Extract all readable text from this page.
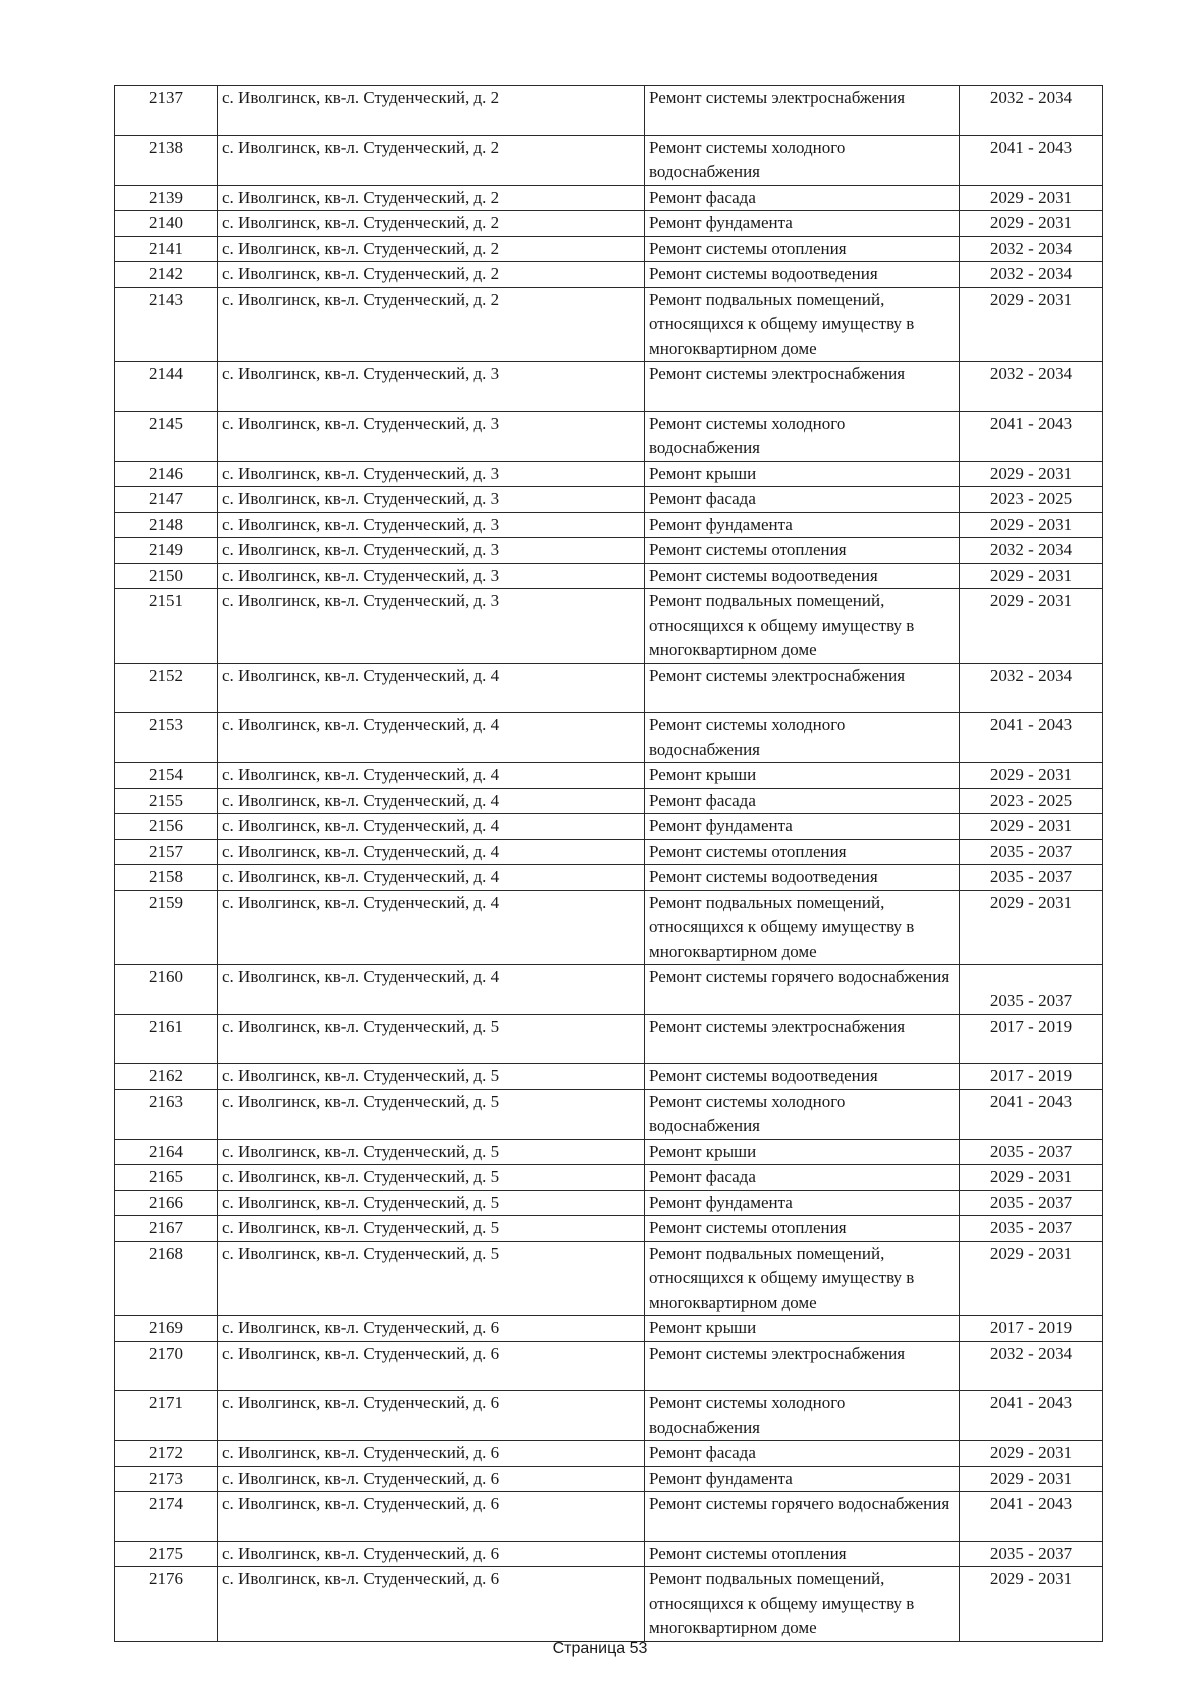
2137	с. Иволгинск, кв-л. Студенческий, д. 2	Ремонт системы электроснабжения	2032 - 2034
2138	с. Иволгинск, кв-л. Студенческий, д. 2	Ремонт системы холодного водоснабжения	2041 - 2043
2139	с. Иволгинск, кв-л. Студенческий, д. 2	Ремонт фасада	2029 - 2031
2140	с. Иволгинск, кв-л. Студенческий, д. 2	Ремонт фундамента	2029 - 2031
2141	с. Иволгинск, кв-л. Студенческий, д. 2	Ремонт системы отопления	2032 - 2034
2142	с. Иволгинск, кв-л. Студенческий, д. 2	Ремонт системы водоотведения	2032 - 2034
2143	с. Иволгинск, кв-л. Студенческий, д. 2	Ремонт подвальных помещений, относящихся к общему имуществу в многоквартирном доме	2029 - 2031
2144	с. Иволгинск, кв-л. Студенческий, д. 3	Ремонт системы электроснабжения	2032 - 2034
2145	с. Иволгинск, кв-л. Студенческий, д. 3	Ремонт системы холодного водоснабжения	2041 - 2043
2146	с. Иволгинск, кв-л. Студенческий, д. 3	Ремонт крыши	2029 - 2031
2147	с. Иволгинск, кв-л. Студенческий, д. 3	Ремонт фасада	2023 - 2025
2148	с. Иволгинск, кв-л. Студенческий, д. 3	Ремонт фундамента	2029 - 2031
2149	с. Иволгинск, кв-л. Студенческий, д. 3	Ремонт системы отопления	2032 - 2034
2150	с. Иволгинск, кв-л. Студенческий, д. 3	Ремонт системы водоотведения	2029 - 2031
2151	с. Иволгинск, кв-л. Студенческий, д. 3	Ремонт подвальных помещений, относящихся к общему имуществу в многоквартирном доме	2029 - 2031
2152	с. Иволгинск, кв-л. Студенческий, д. 4	Ремонт системы электроснабжения	2032 - 2034
2153	с. Иволгинск, кв-л. Студенческий, д. 4	Ремонт системы холодного водоснабжения	2041 - 2043
2154	с. Иволгинск, кв-л. Студенческий, д. 4	Ремонт крыши	2029 - 2031
2155	с. Иволгинск, кв-л. Студенческий, д. 4	Ремонт фасада	2023 - 2025
2156	с. Иволгинск, кв-л. Студенческий, д. 4	Ремонт фундамента	2029 - 2031
2157	с. Иволгинск, кв-л. Студенческий, д. 4	Ремонт системы отопления	2035 - 2037
2158	с. Иволгинск, кв-л. Студенческий, д. 4	Ремонт системы водоотведения	2035 - 2037
2159	с. Иволгинск, кв-л. Студенческий, д. 4	Ремонт подвальных помещений, относящихся к общему имуществу в многоквартирном доме	2029 - 2031
2160	с. Иволгинск, кв-л. Студенческий, д. 4	Ремонт системы горячего водоснабжения	2035 - 2037
2161	с. Иволгинск, кв-л. Студенческий, д. 5	Ремонт системы электроснабжения	2017 - 2019
2162	с. Иволгинск, кв-л. Студенческий, д. 5	Ремонт системы водоотведения	2017 - 2019
2163	с. Иволгинск, кв-л. Студенческий, д. 5	Ремонт системы холодного водоснабжения	2041 - 2043
2164	с. Иволгинск, кв-л. Студенческий, д. 5	Ремонт крыши	2035 - 2037
2165	с. Иволгинск, кв-л. Студенческий, д. 5	Ремонт фасада	2029 - 2031
2166	с. Иволгинск, кв-л. Студенческий, д. 5	Ремонт фундамента	2035 - 2037
2167	с. Иволгинск, кв-л. Студенческий, д. 5	Ремонт системы отопления	2035 - 2037
2168	с. Иволгинск, кв-л. Студенческий, д. 5	Ремонт подвальных помещений, относящихся к общему имуществу в многоквартирном доме	2029 - 2031
2169	с. Иволгинск, кв-л. Студенческий, д. 6	Ремонт крыши	2017 - 2019
2170	с. Иволгинск, кв-л. Студенческий, д. 6	Ремонт системы электроснабжения	2032 - 2034
2171	с. Иволгинск, кв-л. Студенческий, д. 6	Ремонт системы холодного водоснабжения	2041 - 2043
2172	с. Иволгинск, кв-л. Студенческий, д. 6	Ремонт фасада	2029 - 2031
2173	с. Иволгинск, кв-л. Студенческий, д. 6	Ремонт фундамента	2029 - 2031
2174	с. Иволгинск, кв-л. Студенческий, д. 6	Ремонт системы горячего водоснабжения	2041 - 2043
2175	с. Иволгинск, кв-л. Студенческий, д. 6	Ремонт системы отопления	2035 - 2037
2176	с. Иволгинск, кв-л. Студенческий, д. 6	Ремонт подвальных помещений, относящихся к общему имуществу в многоквартирном доме	2029 - 2031
Страница 53
